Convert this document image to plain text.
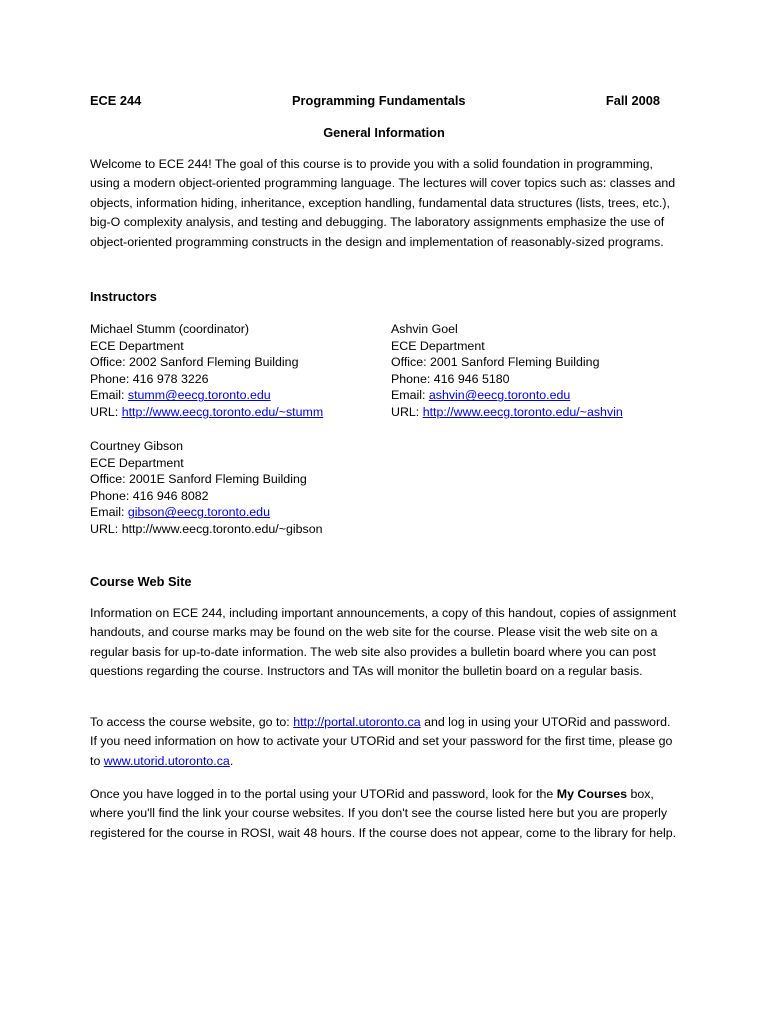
ECE 244	Programming Fundamentals	Fall 2008
General Information
Welcome to ECE 244! The goal of this course is to provide you with a solid foundation in programming, using a modern object-oriented programming language. The lectures will cover topics such as: classes and objects, information hiding, inheritance, exception handling, fundamental data structures (lists, trees, etc.), big-O complexity analysis, and testing and debugging. The laboratory assignments emphasize the use of object-oriented programming constructs in the design and implementation of reasonably-sized programs.
Instructors
Michael Stumm (coordinator)
ECE Department
Office: 2002 Sanford Fleming Building
Phone: 416 978 3226
Email: stumm@eecg.toronto.edu
URL: http://www.eecg.toronto.edu/~stumm
Ashvin Goel
ECE Department
Office: 2001 Sanford Fleming Building
Phone: 416 946 5180
Email: ashvin@eecg.toronto.edu
URL: http://www.eecg.toronto.edu/~ashvin
Courtney Gibson
ECE Department
Office: 2001E Sanford Fleming Building
Phone: 416 946 8082
Email: gibson@eecg.toronto.edu
URL: http://www.eecg.toronto.edu/~gibson
Course Web Site
Information on ECE 244, including important announcements, a copy of this handout, copies of assignment handouts, and course marks may be found on the web site for the course. Please visit the web site on a regular basis for up-to-date information. The web site also provides a bulletin board where you can post questions regarding the course. Instructors and TAs will monitor the bulletin board on a regular basis.
To access the course website, go to: http://portal.utoronto.ca and log in using your UTORid and password. If you need information on how to activate your UTORid and set your password for the first time, please go to www.utorid.utoronto.ca.
Once you have logged in to the portal using your UTORid and password, look for the My Courses box, where you'll find the link your course websites. If you don't see the course listed here but you are properly registered for the course in ROSI, wait 48 hours. If the course does not appear, come to the library for help.
